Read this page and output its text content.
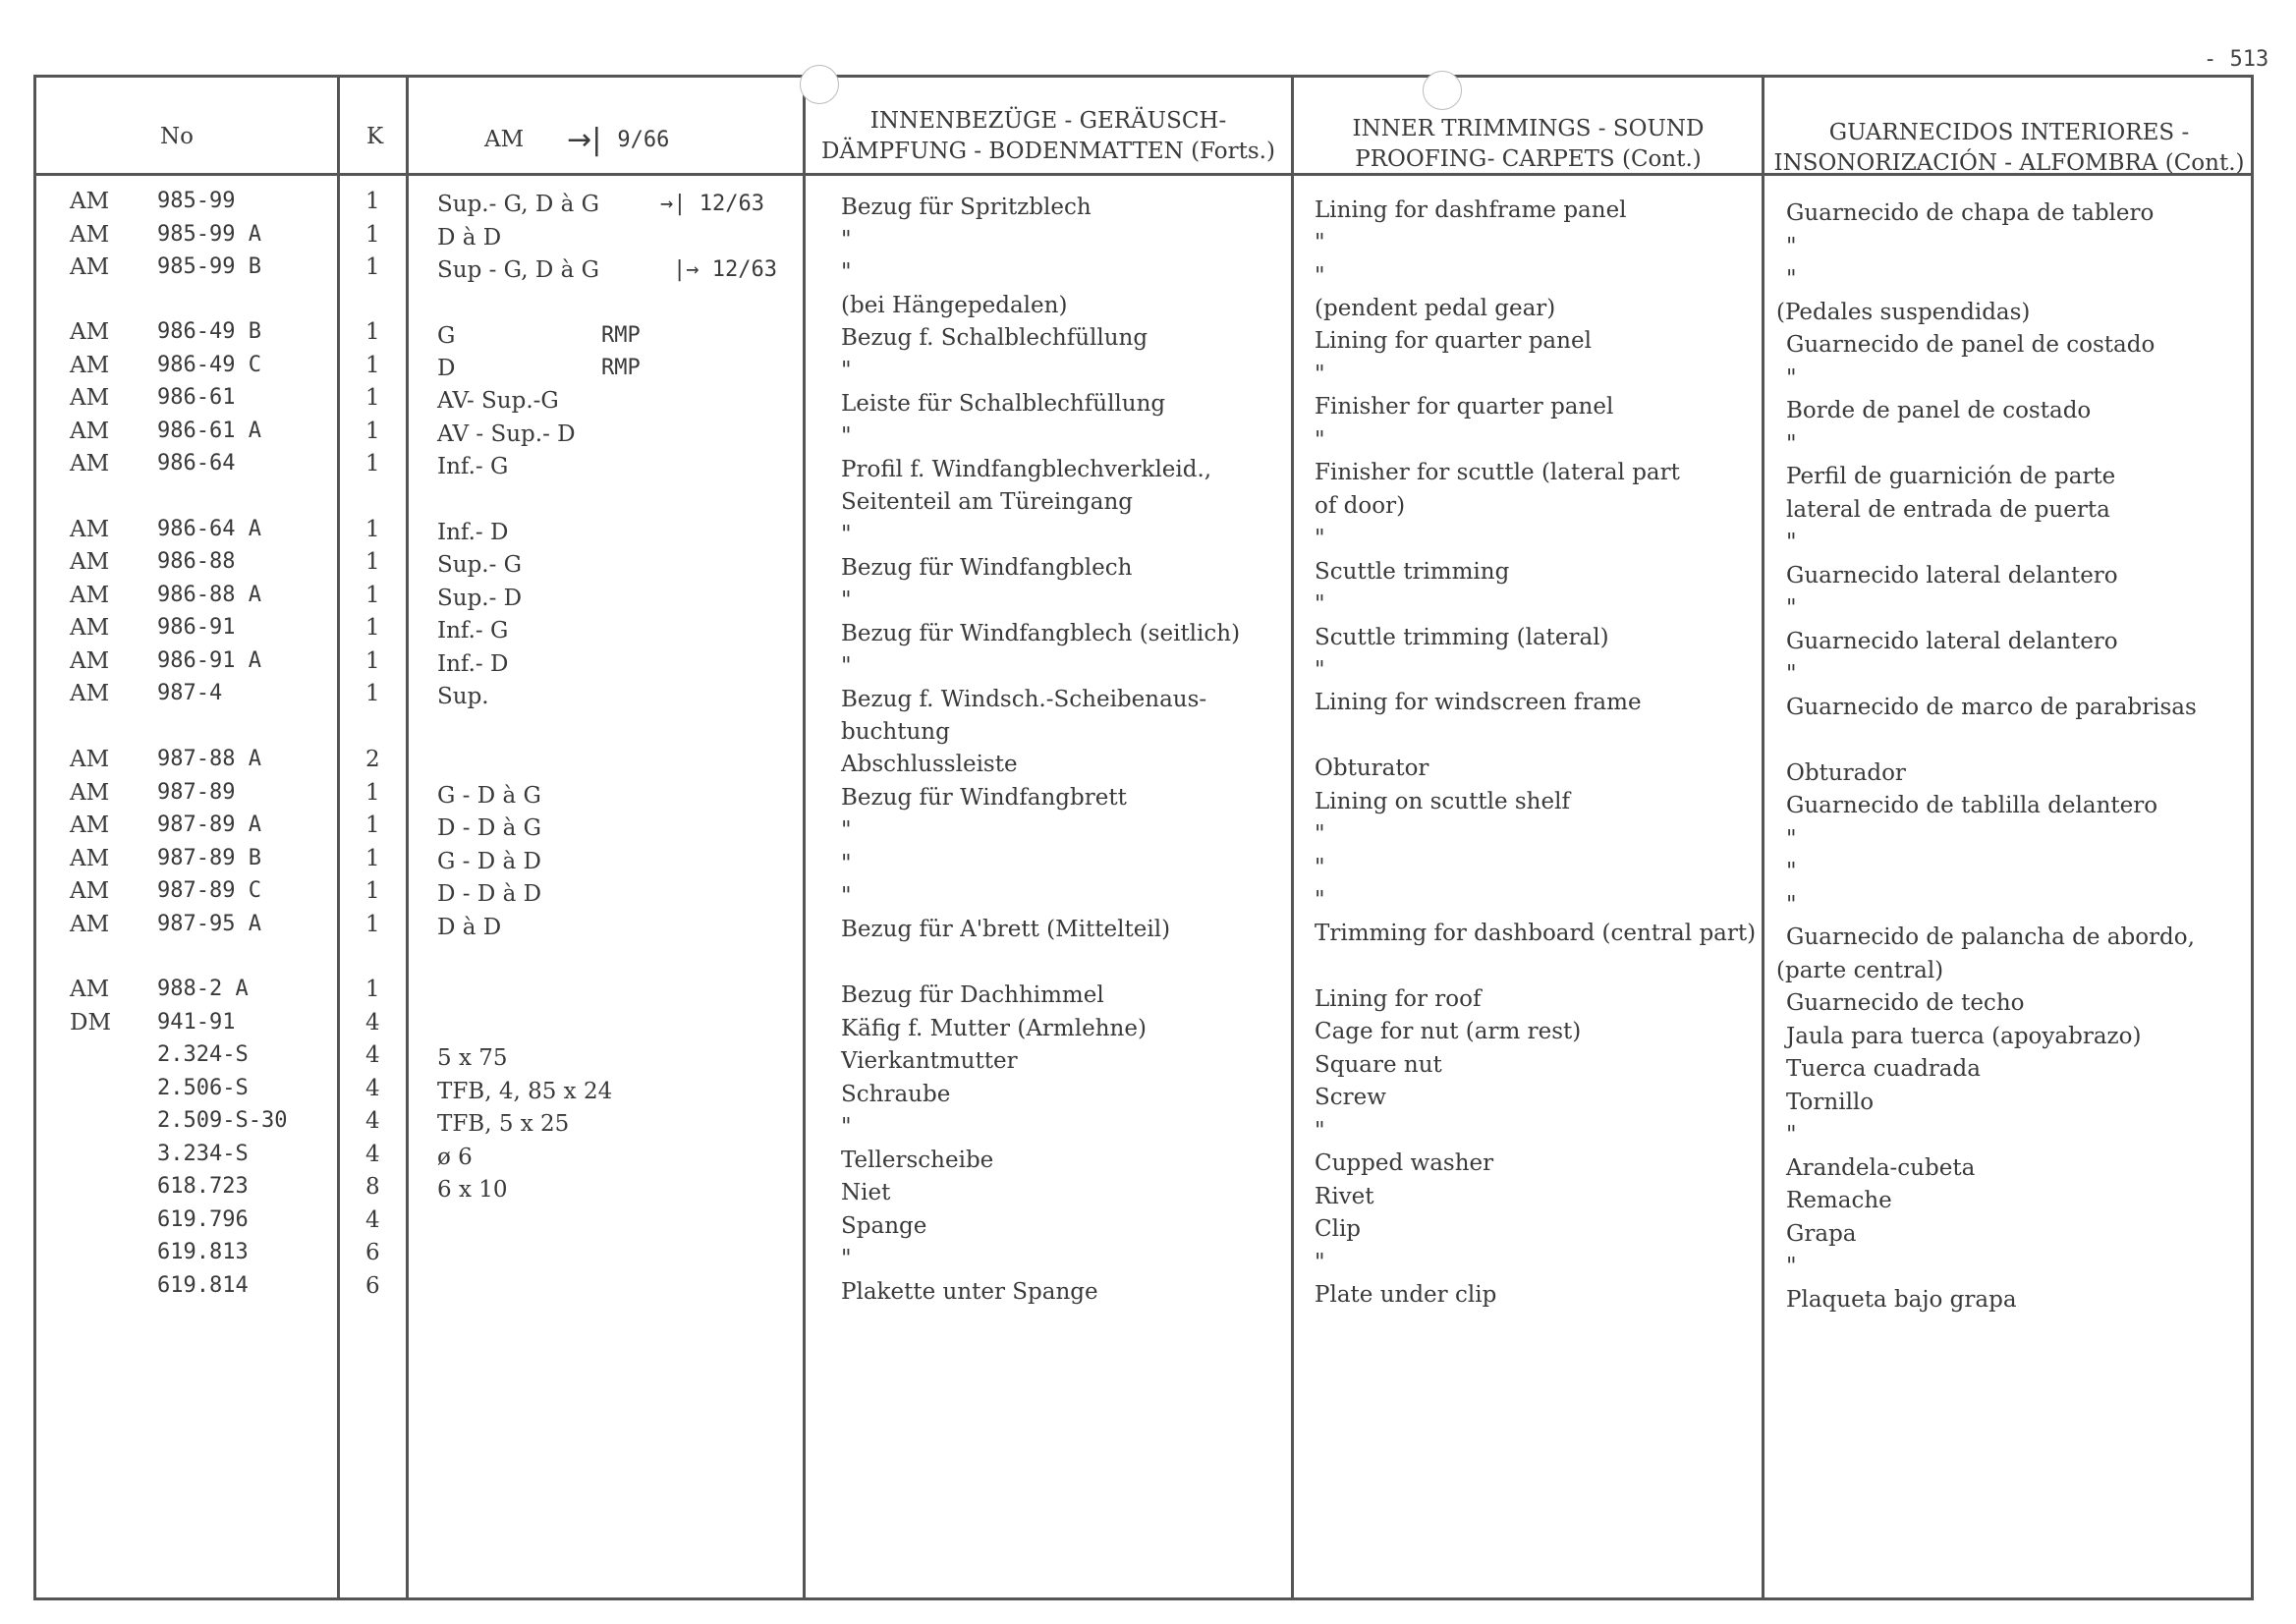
- 513
No	K	AM →| 9/66
INNENBEZÜGE - GERÄUSCH-
DÄMPFUNG - BODENMATTEN (Forts.)
INNER TRIMMINGS - SOUND
PROOFING- CARPETS (Cont.)
GUARNECIDOS INTERIORES -
INSONORIZACIÓN - ALFOMBRA (Cont.)
AM
AM
AM
AM
AM
AM
AM
AM
AM
AM
AM
AM
AM
AM
AM
AM
AM
AM
AM
AM
AM
DM
985-99
985-99 A
985-99 B
986-49 B
986-49 C
986-61
986-61 A
986-64
986-64 A
986-88
986-88 A
986-91
986-91 A
987-4
987-88 A
987-89
987-89 A
987-89 B
987-89 C
987-95 A
988-2 A
941-91
2.324-S
2.506-S
2.509-S-30
3.234-S
618.723
619.796
619.813
619.814
1
1
1
1
1
1
1
1
1
1
1
1
1
1
2
1
1
1
1
1
1
4
4
4
4
4
8
4
6
6
Sup.- G, D à G
D à D
Sup - G, D à G
G
D
AV- Sup.-G
AV - Sup.- D
Inf.- G
Inf.- D
Sup.- G
Sup.- D
Inf.- G
Inf.- D
Sup.
G - D à G
D - D à G
G - D à D
D - D à D
D à D
5 x 75
TFB, 4, 85 x 24
TFB, 5 x 25
ø 6
6 x 10
Bezug für Spritzblech
"
"
(bei Hängepedalen)
Bezug f. Schalblechfüllung
"
Leiste für Schalblechfüllung
"
Profil f. Windfangblechverkleid.,
Seitenteil am Türeingang
"
Bezug für Windfangblech
"
Bezug für Windfangblech (seitlich)
"
Bezug f. Windsch.-Scheibenaus-
buchtung
Abschlussleiste
Bezug für Windfangbrett
"
"
"
Bezug für A'brett (Mittelteil)
Bezug für Dachhimmel
Käfig f. Mutter (Armlehne)
Vierkantmutter
Schraube
"
Tellerscheibe
Niet
Spange
"
Plakette unter Spange
Lining for dashframe panel
"
"
(pendent pedal gear)
Lining for quarter panel
"
Finisher for quarter panel
"
Finisher for scuttle (lateral part
of door)
"
Scuttle trimming
"
Scuttle trimming (lateral)
"
Lining for windscreen frame
Obturator
Lining on scuttle shelf
"
"
"
Trimming for dashboard (central part)
Lining for roof
Cage for nut (arm rest)
Square nut
Screw
"
Cupped washer
Rivet
Clip
"
Plate under clip
Guarnecido de chapa de tablero
"
"
(Pedales suspendidas)
Guarnecido de panel de costado
"
Borde de panel de costado
"
Perfil de guarnición de parte
lateral de entrada de puerta
"
Guarnecido lateral delantero
"
Guarnecido lateral delantero
"
Guarnecido de marco de parabrisas
Obturador
Guarnecido de tablilla delantero
"
"
"
Guarnecido de palancha de abordo,
(parte central)
Guarnecido de techo
Jaula para tuerca (apoyabrazo)
Tuerca cuadrada
Tornillo
"
Arandela-cubeta
Remache
Grapa
"
Plaqueta bajo grapa
→| 12/63
|→ 12/63
RMP
RMP
